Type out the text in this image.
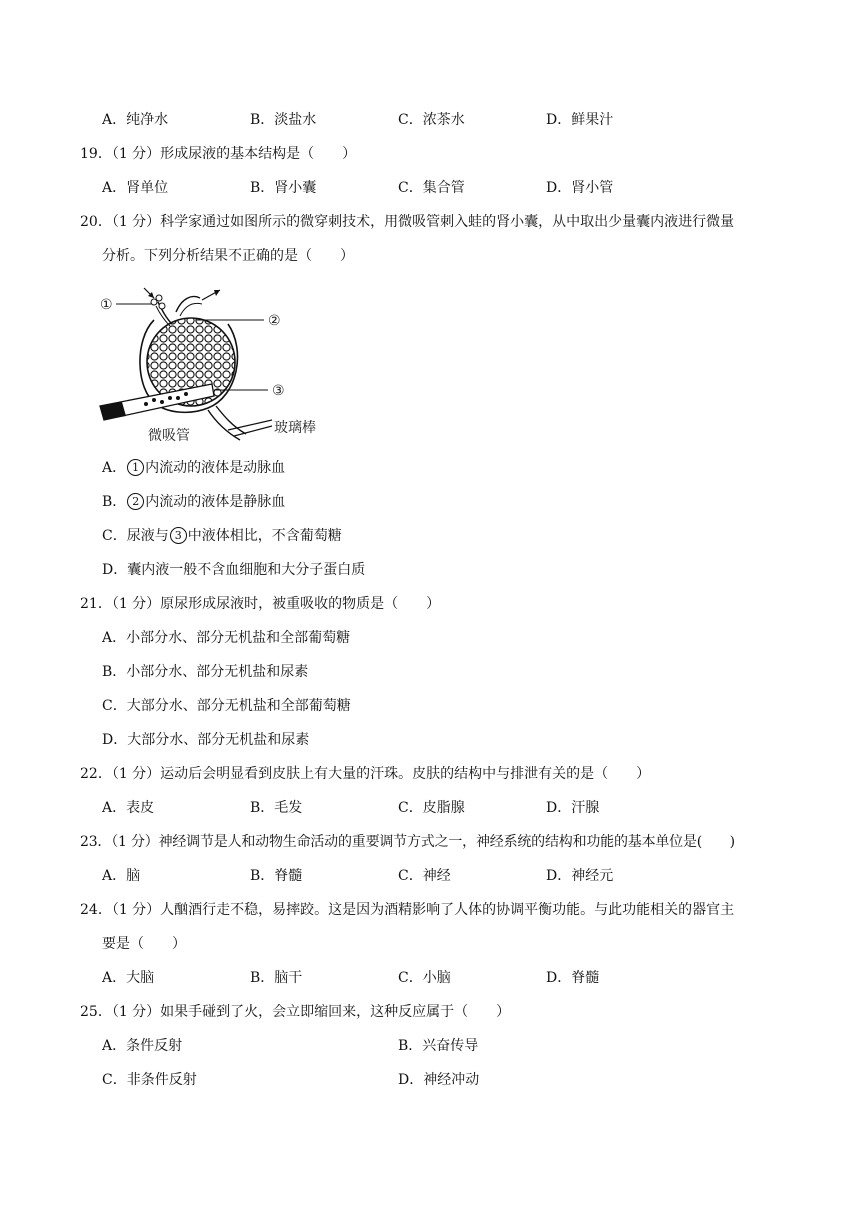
A．纯净水	B．淡盐水	C．浓茶水	D．鲜果汁
19．（1 分）形成尿液的基本结构是（　　）
A．肾单位	B．肾小囊	C．集合管	D．肾小管
20．（1 分）科学家通过如图所示的微穿刺技术，用微吸管刺入蛙的肾小囊，从中取出少量囊内液进行微量
分析。下列分析结果不正确的是（　　）
①
②
③
微吸管	玻璃棒
A． 1 内流动的液体是动脉血
B． 2 内流动的液体是静脉血
C．尿液与 3 中液体相比，不含葡萄糖
D．囊内液一般不含血细胞和大分子蛋白质
21．（1 分）原尿形成尿液时，被重吸收的物质是（　　）
A．小部分水、部分无机盐和全部葡萄糖
B．小部分水、部分无机盐和尿素
C．大部分水、部分无机盐和全部葡萄糖
D．大部分水、部分无机盐和尿素
22．（1 分）运动后会明显看到皮肤上有大量的汗珠。皮肤的结构中与排泄有关的是（　　）
A．表皮	B．毛发	C．皮脂腺	D．汗腺
23．（1 分）神经调节是人和动物生命活动的重要调节方式之一，神经系统的结构和功能的基本单位是(　　)
A．脑	B．脊髓	C．神经	D．神经元
24．（1 分）人酗酒行走不稳，易摔跤。这是因为酒精影响了人体的协调平衡功能。与此功能相关的器官主
要是（　　）
A．大脑	B．脑干	C．小脑	D．脊髓
25．（1 分）如果手碰到了火，会立即缩回来，这种反应属于（　　）
A．条件反射	B．兴奋传导
C．非条件反射	D．神经冲动
